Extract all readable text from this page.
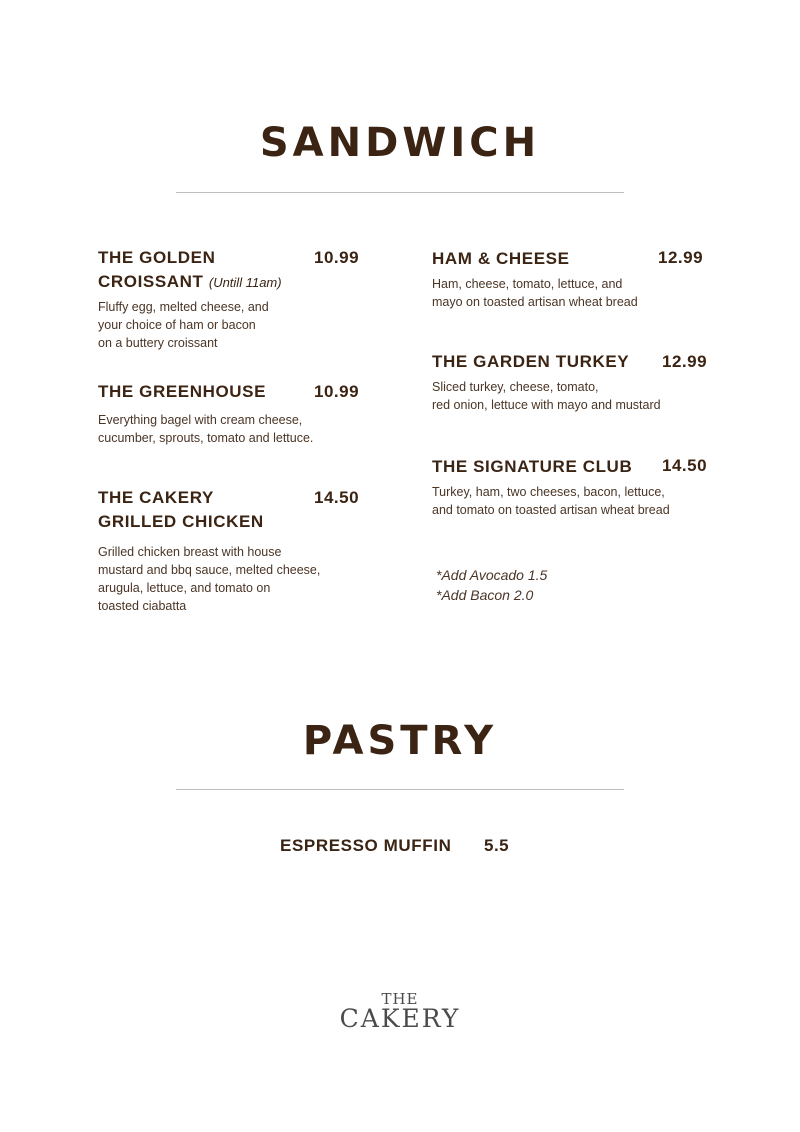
SANDWICH
THE GOLDEN
CROISSANT (Untill 11am)
10.99
Fluffy egg, melted cheese, and
your choice of ham or bacon
on a buttery croissant
THE GREENHOUSE	10.99
Everything bagel with cream cheese,
cucumber, sprouts, tomato and lettuce.
THE CAKERY
GRILLED CHICKEN
14.50
Grilled chicken breast with house
mustard and bbq sauce, melted cheese,
arugula, lettuce, and tomato on
toasted ciabatta
HAM & CHEESE	12.99
Ham, cheese, tomato, lettuce, and
mayo on toasted artisan wheat bread
THE GARDEN TURKEY 12.99
Sliced turkey, cheese, tomato,
red onion, lettuce with mayo and mustard
THE SIGNATURE CLUB 14.50
Turkey, ham, two cheeses, bacon, lettuce,
and tomato on toasted artisan wheat bread
*Add Avocado 1.5
*Add Bacon 2.0
PASTRY
ESPRESSO MUFFIN 5.5
THE
CAKERY
